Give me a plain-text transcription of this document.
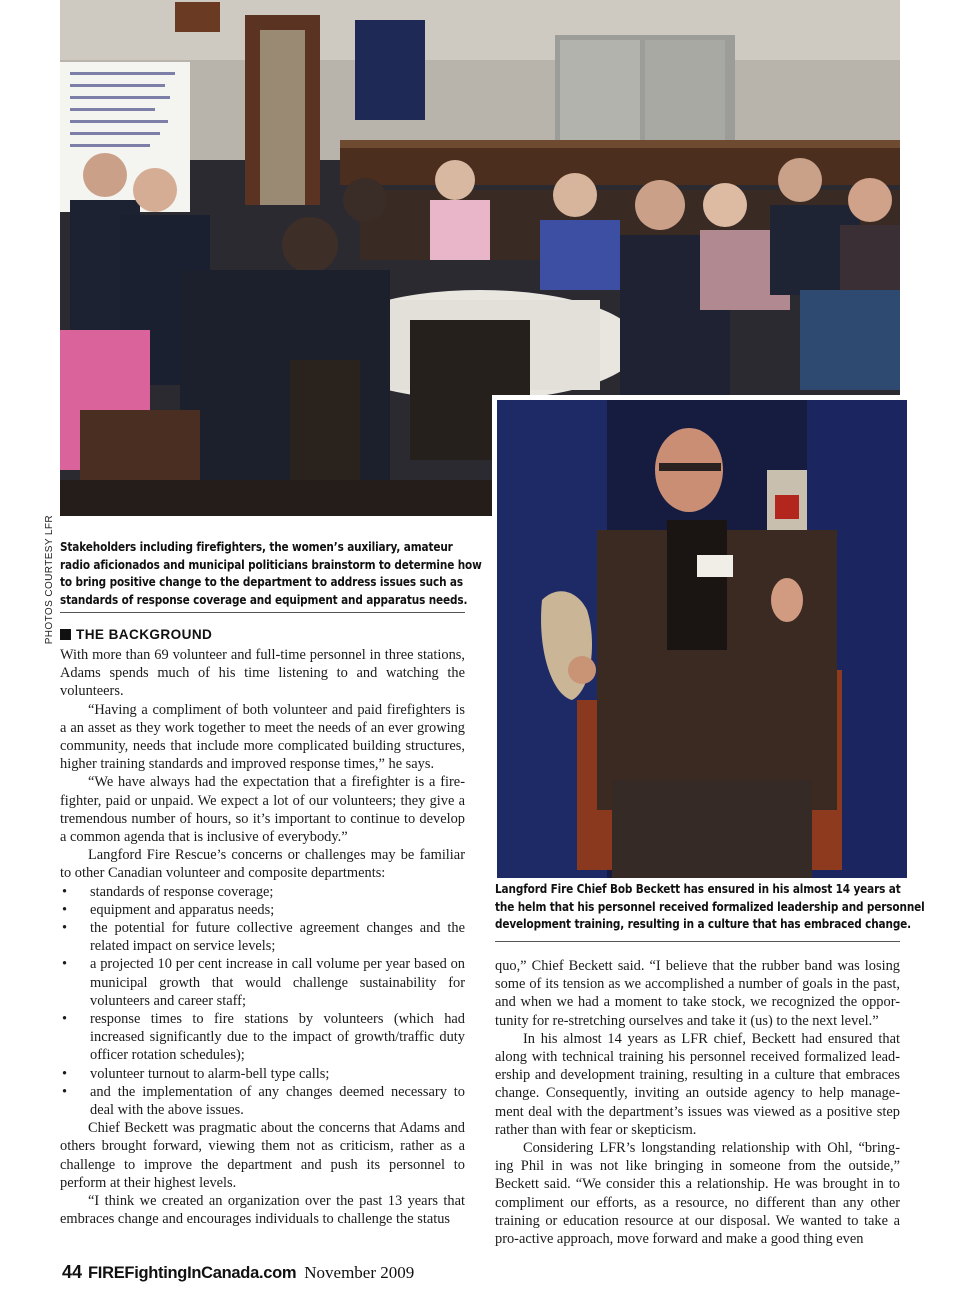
PHOTOS COURTESY LFR Stakeholders including firefighters, the women’s auxiliary, amateur
radio aficionados and municipal politicians brainstorm to determine how
to bring positive change to the department to address issues such as
standards of response coverage and equipment and apparatus needs.
Langford Fire Chief Bob Beckett has ensured in his almost 14 years at
the helm that his personnel received formalized leadership and personnel
development training, resulting in a culture that has embraced change.
THE BACKGROUND

With more than 69 volunteer and full-time personnel in three stations, Adams spends much of his time listening to and watching the volunteers.

“Having a compliment of both volunteer and paid firefighters is a an asset as they work together to meet the needs of an ever growing community, needs that include more complicated building structures, higher training standards and improved response times,” he says.

“We have always had the expectation that a firefighter is a fire-fighter, paid or unpaid. We expect a lot of our volunteers; they give a tremendous number of hours, so it’s important to continue to develop a common agenda that is inclusive of everybody.”

Langford Fire Rescue’s concerns or challenges may be familiar to other Canadian volunteer and composite departments:

• standards of response coverage;
• equipment and apparatus needs;
• the potential for future collective agreement changes and the related impact on service levels;
• a projected 10 per cent increase in call volume per year based on municipal growth that would challenge sustainability for volunteers and career staff;
• response times to fire stations by volunteers (which had increased significantly due to the impact of growth/traffic duty officer rotation schedules);
• volunteer turnout to alarm-bell type calls;
• and the implementation of any changes deemed necessary to deal with the above issues.

Chief Beckett was pragmatic about the concerns that Adams and others brought forward, viewing them not as criticism, rather as a challenge to improve the department and push its personnel to perform at their highest levels.

“I think we created an organization over the past 13 years that embraces change and encourages individuals to challenge the status

quo,” Chief Beckett said. “I believe that the rubber band was losing some of its tension as we accomplished a number of goals in the past, and when we had a moment to take stock, we recognized the oppor-tunity for re-stretching ourselves and take it (us) to the next level.”

In his almost 14 years as LFR chief, Beckett had ensured that along with technical training his personnel received formalized lead-ership and development training, resulting in a culture that embraces change. Consequently, inviting an outside agency to help manage-ment deal with the department’s issues was viewed as a positive step rather than with fear or skepticism.

Considering LFR’s longstanding relationship with Ohl, “bring-ing Phil in was not like bringing in someone from the outside,” Beckett said. “We consider this a relationship. He was brought in to compliment our efforts, as a resource, no different than any other training or education resource at our disposal. We wanted to take a pro-active approach, move forward and make a good thing even

44 FIREFightingInCanada.com November 2009
